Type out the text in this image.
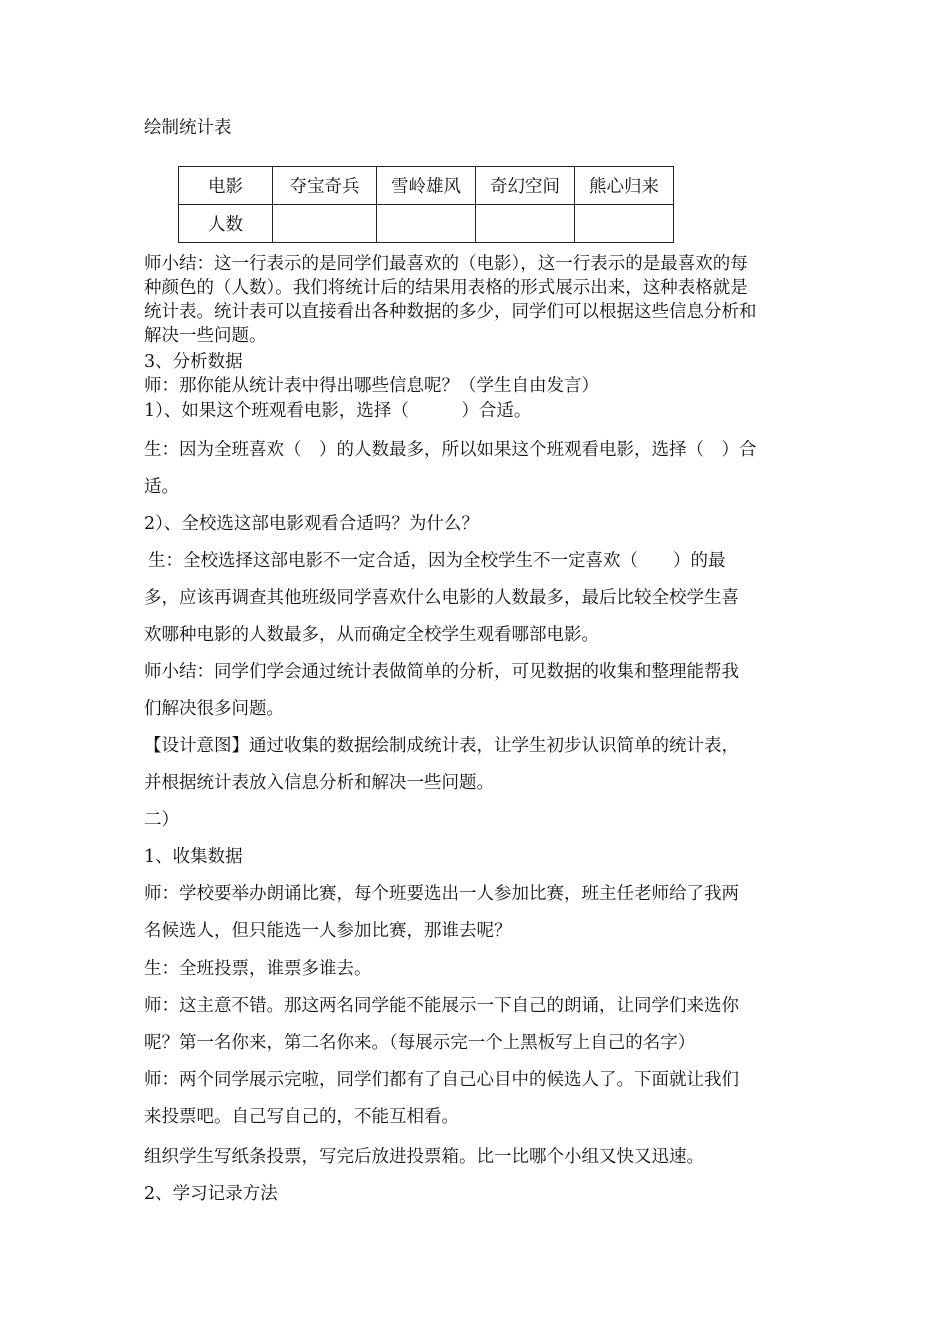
绘制统计表
电影	夺宝奇兵	雪岭雄风	奇幻空间	熊心归来
人数				
师小结：这一行表示的是同学们最喜欢的（电影），这一行表示的是最喜欢的每
种颜色的（人数）。我们将统计后的结果用表格的形式展示出来，这种表格就是
统计表。统计表可以直接看出各种数据的多少，同学们可以根据这些信息分析和
解决一些问题。
3、分析数据
师：那你能从统计表中得出哪些信息呢？（学生自由发言）
1）、如果这个班观看电影，选择（　　　）合适。
生：因为全班喜欢（　）的人数最多，所以如果这个班观看电影，选择（　）合
适。
2）、全校选这部电影观看合适吗？为什么？
生：全校选择这部电影不一定合适，因为全校学生不一定喜欢（　　）的最
多，应该再调查其他班级同学喜欢什么电影的人数最多，最后比较全校学生喜
欢哪种电影的人数最多，从而确定全校学生观看哪部电影。
师小结：同学们学会通过统计表做简单的分析，可见数据的收集和整理能帮我
们解决很多问题。
【设计意图】通过收集的数据绘制成统计表，让学生初步认识简单的统计表，
并根据统计表放入信息分析和解决一些问题。
二）
1、收集数据
师：学校要举办朗诵比赛，每个班要选出一人参加比赛，班主任老师给了我两
名候选人，但只能选一人参加比赛，那谁去呢？
生：全班投票，谁票多谁去。
师：这主意不错。那这两名同学能不能展示一下自己的朗诵，让同学们来选你
呢？第一名你来，第二名你来。（每展示完一个上黑板写上自己的名字）
师：两个同学展示完啦，同学们都有了自己心目中的候选人了。下面就让我们
来投票吧。自己写自己的，不能互相看。
组织学生写纸条投票，写完后放进投票箱。比一比哪个小组又快又迅速。
2、学习记录方法
